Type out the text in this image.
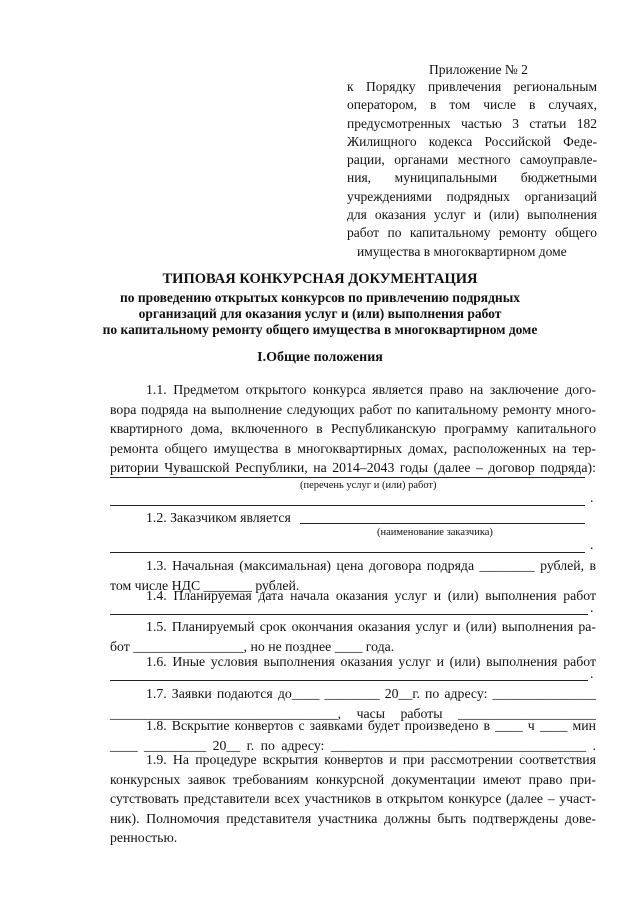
Приложение № 2
к Порядку привлечения региональным
оператором, в том числе в случаях,
предусмотренных частью 3 статьи 182
Жилищного кодекса Российской Феде-
рации, органами местного самоуправле-
ния, муниципальными бюджетными
учреждениями подрядных организаций
для оказания услуг и (или) выполнения
работ по капитальному ремонту общего
имущества в многоквартирном доме
ТИПОВАЯ КОНКУРСНАЯ ДОКУМЕНТАЦИЯ
по проведению открытых конкурсов по привлечению подрядных
организаций для оказания услуг и (или) выполнения работ
по капитальному ремонту общего имущества в многоквартирном доме
I.Общие положения
1.1. Предметом открытого конкурса является право на заключение дого-
вора подряда на выполнение следующих работ по капитальному ремонту много-
квартирного дома, включенного в Республиканскую программу капитального
ремонта общего имущества в многоквартирных домах, расположенных на тер-
ритории Чувашской Республики, на 2014–2043 годы (далее – договор подряда):
(перечень услуг и (или) работ)
.
1.2. Заказчиком является
(наименование заказчика)
.
1.3. Начальная (максимальная) цена договора подряда ________ рублей, в
том числе НДС _______ рублей.
1.4. Планируемая дата начала оказания услуг и (или) выполнения работ
.
1.5. Планируемый срок окончания оказания услуг и (или) выполнения ра-
бот ________________, но не позднее ____ года.
1.6. Иные условия выполнения оказания услуг и (или) выполнения работ
.
1.7. Заявки подаются до____ ________ 20__г. по адресу: _______________
_________________________________, часы работы ____________________
1.8. Вскрытие конвертов с заявками будет произведено в ____ ч ____ мин
____ _________ 20__ г. по адресу: _____________________________________ .
1.9. На процедуре вскрытия конвертов и при рассмотрении соответствия
конкурсных заявок требованиям конкурсной документации имеют право при-
сутствовать представители всех участников в открытом конкурсе (далее – участ-
ник). Полномочия представителя участника должны быть подтверждены дове-
ренностью.
